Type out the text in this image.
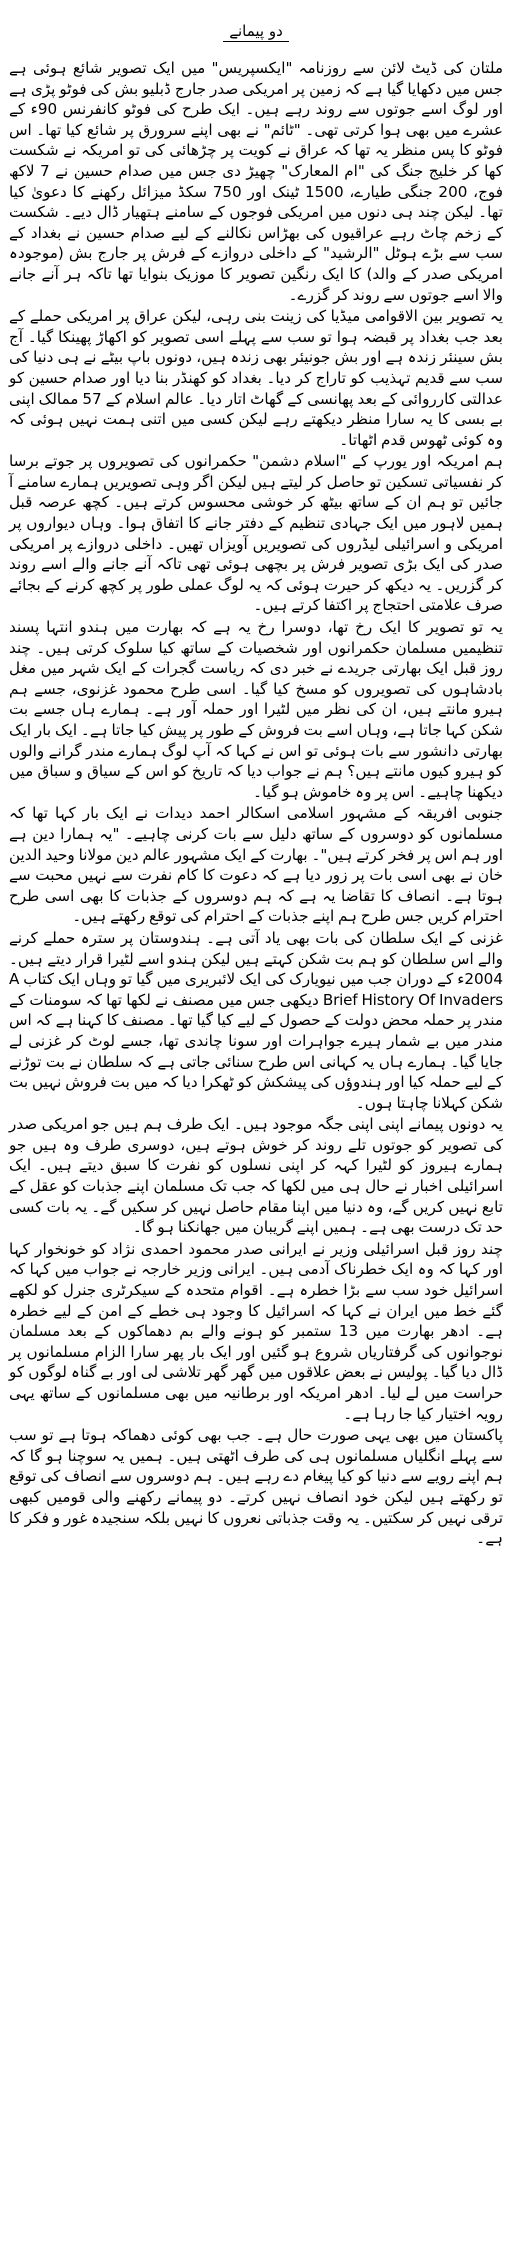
دو پیمانے

ملتان کی ڈیٹ لائن سے روزنامہ "ایکسپریس" میں ایک تصویر شائع ہوئی ہے جس میں دکھایا گیا ہے کہ زمین پر امریکی صدر جارج ڈبلیو بش کی فوٹو پڑی ہے اور لوگ اسے جوتوں سے روند رہے ہیں۔ ایک طرح کی فوٹو کانفرنس 90ء کے عشرے میں بھی ہوا کرتی تھی۔ "ٹائم" نے بھی اپنے سرورق پر شائع کیا تھا۔ اس فوٹو کا پس منظر یہ تھا کہ عراق نے کویت پر چڑھائی کی تو امریکہ نے شکست کھا کر خلیج جنگ کی "ام المعارک" چھیڑ دی جس میں صدام حسین نے 7 لاکھ فوج، 200 جنگی طیارے، 1500 ٹینک اور 750 سکڈ میزائل رکھنے کا دعویٰ کیا تھا۔ لیکن چند ہی دنوں میں امریکی فوجوں کے سامنے ہتھیار ڈال دیے۔ شکست کے زخم چاٹ رہے عراقیوں کی بھڑاس نکالنے کے لیے صدام حسین نے بغداد کے سب سے بڑے ہوٹل "الرشید" کے داخلی دروازے کے فرش پر جارج بش (موجودہ امریکی صدر کے والد) کا ایک رنگین تصویر کا موزیک بنوایا تھا تاکہ ہر آنے جانے والا اسے جوتوں سے روند کر گزرے۔

یہ تصویر بین الاقوامی میڈیا کی زینت بنی رہی، لیکن عراق پر امریکی حملے کے بعد جب بغداد پر قبضہ ہوا تو سب سے پہلے اسی تصویر کو اکھاڑ پھینکا گیا۔ آج بش سینئر زندہ ہے اور بش جونیئر بھی زندہ ہیں، دونوں باپ بیٹے نے ہی دنیا کی سب سے قدیم تہذیب کو تاراج کر دیا۔ بغداد کو کھنڈر بنا دیا اور صدام حسین کو عدالتی کارروائی کے بعد پھانسی کے گھاٹ اتار دیا۔ عالم اسلام کے 57 ممالک اپنی بے بسی کا یہ سارا منظر دیکھتے رہے لیکن کسی میں اتنی ہمت نہیں ہوئی کہ وہ کوئی ٹھوس قدم اٹھاتا۔

ہم امریکہ اور یورپ کے "اسلام دشمن" حکمرانوں کی تصویروں پر جوتے برسا کر نفسیاتی تسکین تو حاصل کر لیتے ہیں لیکن اگر وہی تصویریں ہمارے سامنے آ جائیں تو ہم ان کے ساتھ بیٹھ کر خوشی محسوس کرتے ہیں۔ کچھ عرصہ قبل ہمیں لاہور میں ایک جہادی تنظیم کے دفتر جانے کا اتفاق ہوا۔ وہاں دیواروں پر امریکی و اسرائیلی لیڈروں کی تصویریں آویزاں تھیں۔ داخلی دروازے پر امریکی صدر کی ایک بڑی تصویر فرش پر بچھی ہوئی تھی تاکہ آنے جانے والے اسے روند کر گزریں۔ یہ دیکھ کر حیرت ہوئی کہ یہ لوگ عملی طور پر کچھ کرنے کے بجائے صرف علامتی احتجاج پر اکتفا کرتے ہیں۔

یہ تو تصویر کا ایک رخ تھا، دوسرا رخ یہ ہے کہ بھارت میں ہندو انتہا پسند تنظیمیں مسلمان حکمرانوں اور شخصیات کے ساتھ کیا سلوک کرتی ہیں۔ چند روز قبل ایک بھارتی جریدے نے خبر دی کہ ریاست گجرات کے ایک شہر میں مغل بادشاہوں کی تصویروں کو مسخ کیا گیا۔ اسی طرح محمود غزنوی، جسے ہم ہیرو مانتے ہیں، ان کی نظر میں لٹیرا اور حملہ آور ہے۔ ہمارے ہاں جسے بت شکن کہا جاتا ہے، وہاں اسے بت فروش کے طور پر پیش کیا جاتا ہے۔ ایک بار ایک بھارتی دانشور سے بات ہوئی تو اس نے کہا کہ آپ لوگ ہمارے مندر گرانے والوں کو ہیرو کیوں مانتے ہیں؟ ہم نے جواب دیا کہ تاریخ کو اس کے سیاق و سباق میں دیکھنا چاہیے۔ اس پر وہ خاموش ہو گیا۔

جنوبی افریقہ کے مشہور اسلامی اسکالر احمد دیدات نے ایک بار کہا تھا کہ مسلمانوں کو دوسروں کے ساتھ دلیل سے بات کرنی چاہیے۔ "یہ ہمارا دین ہے اور ہم اس پر فخر کرتے ہیں"۔ بھارت کے ایک مشہور عالم دین مولانا وحید الدین خان نے بھی اسی بات پر زور دیا ہے کہ دعوت کا کام نفرت سے نہیں محبت سے ہوتا ہے۔ انصاف کا تقاضا یہ ہے کہ ہم دوسروں کے جذبات کا بھی اسی طرح احترام کریں جس طرح ہم اپنے جذبات کے احترام کی توقع رکھتے ہیں۔

غزنی کے ایک سلطان کی بات بھی یاد آتی ہے۔ ہندوستان پر سترہ حملے کرنے والے اس سلطان کو ہم بت شکن کہتے ہیں لیکن ہندو اسے لٹیرا قرار دیتے ہیں۔ 2004ء کے دوران جب میں نیویارک کی ایک لائبریری میں گیا تو وہاں ایک کتاب A Brief History Of Invaders دیکھی جس میں مصنف نے لکھا تھا کہ سومنات کے مندر پر حملہ محض دولت کے حصول کے لیے کیا گیا تھا۔ مصنف کا کہنا ہے کہ اس مندر میں بے شمار ہیرے جواہرات اور سونا چاندی تھا، جسے لوٹ کر غزنی لے جایا گیا۔ ہمارے ہاں یہ کہانی اس طرح سنائی جاتی ہے کہ سلطان نے بت توڑنے کے لیے حملہ کیا اور ہندوؤں کی پیشکش کو ٹھکرا دیا کہ میں بت فروش نہیں بت شکن کہلانا چاہتا ہوں۔

یہ دونوں پیمانے اپنی اپنی جگہ موجود ہیں۔ ایک طرف ہم ہیں جو امریکی صدر کی تصویر کو جوتوں تلے روند کر خوش ہوتے ہیں، دوسری طرف وہ ہیں جو ہمارے ہیروز کو لٹیرا کہہ کر اپنی نسلوں کو نفرت کا سبق دیتے ہیں۔ ایک اسرائیلی اخبار نے حال ہی میں لکھا کہ جب تک مسلمان اپنے جذبات کو عقل کے تابع نہیں کریں گے، وہ دنیا میں اپنا مقام حاصل نہیں کر سکیں گے۔ یہ بات کسی حد تک درست بھی ہے۔ ہمیں اپنے گریبان میں جھانکنا ہو گا۔

چند روز قبل اسرائیلی وزیر نے ایرانی صدر محمود احمدی نژاد کو خونخوار کہا اور کہا کہ وہ ایک خطرناک آدمی ہیں۔ ایرانی وزیر خارجہ نے جواب میں کہا کہ اسرائیل خود سب سے بڑا خطرہ ہے۔ اقوام متحدہ کے سیکرٹری جنرل کو لکھے گئے خط میں ایران نے کہا کہ اسرائیل کا وجود ہی خطے کے امن کے لیے خطرہ ہے۔ ادھر بھارت میں 13 ستمبر کو ہونے والے بم دھماکوں کے بعد مسلمان نوجوانوں کی گرفتاریاں شروع ہو گئیں اور ایک بار پھر سارا الزام مسلمانوں پر ڈال دیا گیا۔ پولیس نے بعض علاقوں میں گھر گھر تلاشی لی اور بے گناہ لوگوں کو حراست میں لے لیا۔ ادھر امریکہ اور برطانیہ میں بھی مسلمانوں کے ساتھ یہی رویہ اختیار کیا جا رہا ہے۔

پاکستان میں بھی یہی صورت حال ہے۔ جب بھی کوئی دھماکہ ہوتا ہے تو سب سے پہلے انگلیاں مسلمانوں ہی کی طرف اٹھتی ہیں۔ ہمیں یہ سوچنا ہو گا کہ ہم اپنے رویے سے دنیا کو کیا پیغام دے رہے ہیں۔ ہم دوسروں سے انصاف کی توقع تو رکھتے ہیں لیکن خود انصاف نہیں کرتے۔ دو پیمانے رکھنے والی قومیں کبھی ترقی نہیں کر سکتیں۔ یہ وقت جذباتی نعروں کا نہیں بلکہ سنجیدہ غور و فکر کا ہے۔
